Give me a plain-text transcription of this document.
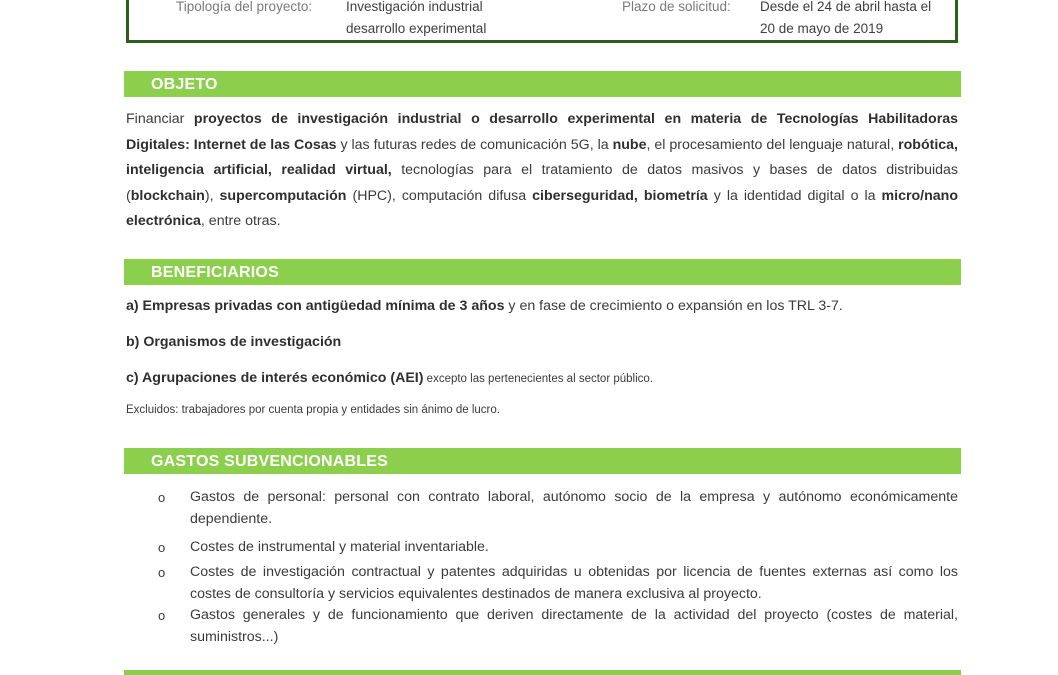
Tipología del proyecto:	Investigación industrial
desarrollo experimental
Plazo de solicitud: Desde el 24 de abril hasta el
20 de mayo de 2019
OBJETO
Financiar proyectos de investigación industrial o desarrollo experimental en materia de Tecnologías Habilitadoras Digitales: Internet de las Cosas y las futuras redes de comunicación 5G, la nube, el procesamiento del lenguaje natural, robótica, inteligencia artificial, realidad virtual, tecnologías para el tratamiento de datos masivos y bases de datos distribuidas (blockchain), supercomputación (HPC), computación difusa ciberseguridad, biometría y la identidad digital o la micro/nano electrónica, entre otras.
BENEFICIARIOS
a) Empresas privadas con antigüedad mínima de 3 años y en fase de crecimiento o expansión en los TRL 3-7.
b) Organismos de investigación
c) Agrupaciones de interés económico (AEI) excepto las pertenecientes al sector público.
Excluidos: trabajadores por cuenta propia y entidades sin ánimo de lucro.
GASTOS SUBVENCIONABLES
o Gastos de personal: personal con contrato laboral, autónomo socio de la empresa y autónomo económicamente dependiente.
o Costes de instrumental y material inventariable.
o Costes de investigación contractual y patentes adquiridas u obtenidas por licencia de fuentes externas así como los costes de consultoría y servicios equivalentes destinados de manera exclusiva al proyecto.
o Gastos generales y de funcionamiento que deriven directamente de la actividad del proyecto (costes de material, suministros...)
